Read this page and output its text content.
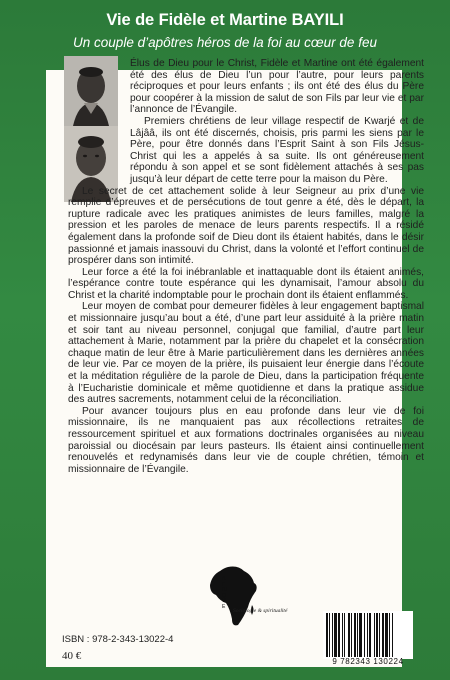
Vie de Fidèle et Martine BAYILI
Un couple d’apôtres héros de la foi au cœur de feu

Élus de Dieu pour le Christ, Fidèle et Martine ont été également été des élus de Dieu l’un pour l’autre, pour leurs parents réciproques et pour leurs enfants ; ils ont été des élus du Père pour coopérer à la mission de salut de son Fils par leur vie et par l’annonce de l’Évangile.

Premiers chrétiens de leur village respectif de Kwarjé et de Lâjââ, ils ont été discernés, choisis, pris parmi les siens par le Père, pour être donnés dans l’Esprit Saint à son Fils Jésus-Christ qui les a appelés à sa suite. Ils ont généreusement répondu à son appel et se sont fidèlement attachés à ses pas jusqu’à leur départ de cette terre pour la maison du Père.

Le secret de cet attachement solide à leur Seigneur au prix d’une vie remplie d’épreuves et de persécutions de tout genre a été, dès le départ, la rupture radicale avec les pratiques animistes de leurs familles, malgré la pression et les paroles de menace de leurs parents respectifs. Il a résidé également dans la profonde soif de Dieu dont ils étaient habités, dans le désir passionné et jamais inassouvi du Christ, dans la volonté et l’effort continuel de prospérer dans son intimité.

Leur force a été la foi inébranlable et inattaquable dont ils étaient animés, l’espérance contre toute espérance qui les dynamisait, l’amour absolu du Christ et la charité indomptable pour le prochain dont ils étaient enflammés.

Leur moyen de combat pour demeurer fidèles à leur engagement baptismal et missionnaire jusqu’au bout a été, d’une part leur assiduité à la prière matin et soir tant au niveau personnel, conjugal que familial, d’autre part leur attachement à Marie, notamment par la prière du chapelet et la consécration chaque matin de leur être à Marie particulièrement dans les dernières années de leur vie. Par ce moyen de la prière, ils puisaient leur énergie dans l’écoute et la méditation régulière de la parole de Dieu, dans la participation fréquente à l’Eucharistie dominicale et même quotidienne et dans la pratique assidue des autres sacrements, notamment celui de la réconciliation.

Pour avancer toujours plus en eau profonde dans leur vie de foi missionnaire, ils ne manquaient pas aux récollections retraites de ressourcement spirituel et aux formations doctrinales organisées au niveau paroissial ou diocésain par leurs pasteurs. Ils étaient ainsi continuellement renouvelés et redynamisés dans leur vie de couple chrétien, témoin et missionnaire de l’Évangile.

AFRIQUE
Sociologie & spiritualité
ISBN : 978-2-343-13022-4
40 €	9 782343 130224
